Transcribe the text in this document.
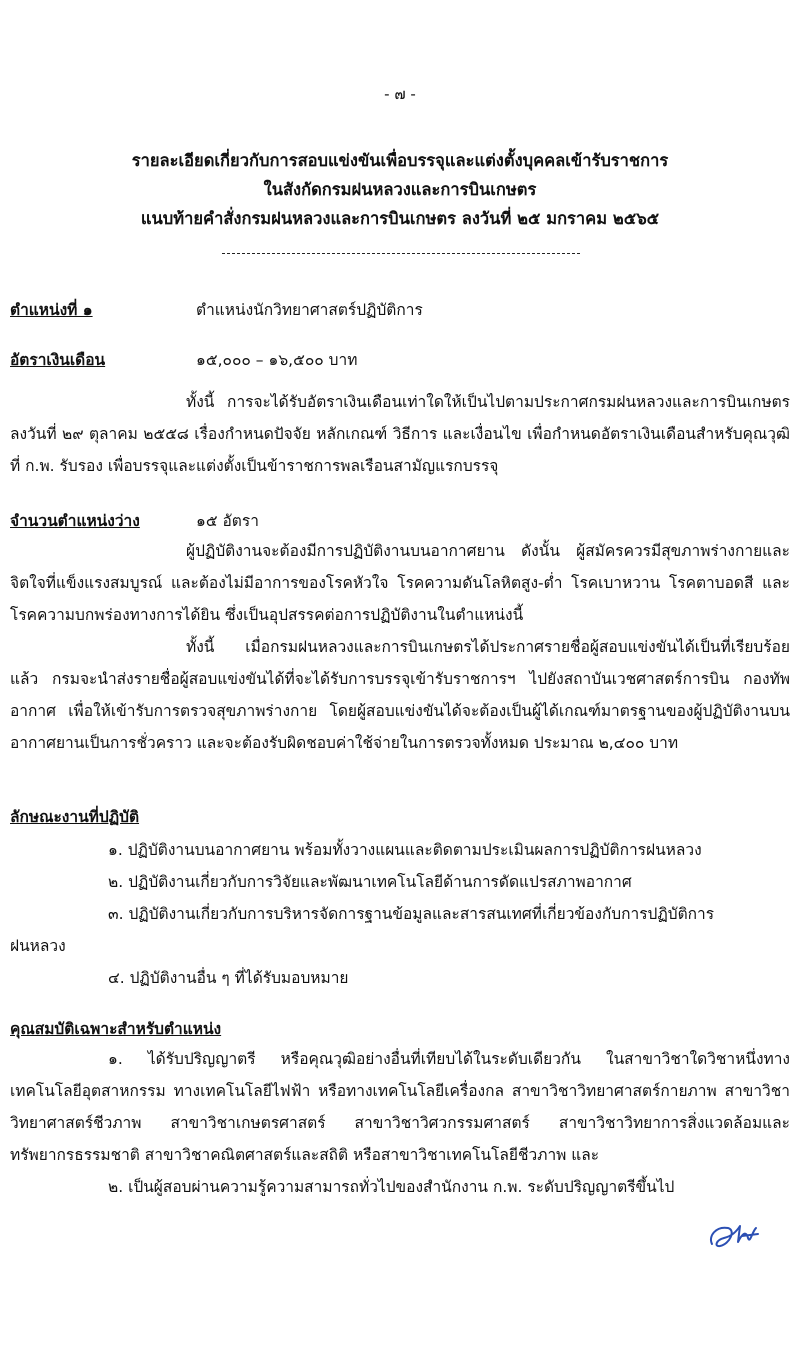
- ๗ -
รายละเอียดเกี่ยวกับการสอบแข่งขันเพื่อบรรจุและแต่งตั้งบุคคลเข้ารับราชการ
ในสังกัดกรมฝนหลวงและการบินเกษตร
แนบท้ายคำสั่งกรมฝนหลวงและการบินเกษตร ลงวันที่ ๒๕ มกราคม ๒๕๖๕
ตำแหน่งที่ ๑	ตำแหน่งนักวิทยาศาสตร์ปฏิบัติการ
อัตราเงินเดือน	๑๕,๐๐๐ – ๑๖,๕๐๐ บาท
ทั้งนี้ การจะได้รับอัตราเงินเดือนเท่าใดให้เป็นไปตามประกาศกรมฝนหลวงและการบินเกษตร ลงวันที่ ๒๙ ตุลาคม ๒๕๕๘ เรื่องกำหนดปัจจัย หลักเกณฑ์ วิธีการ และเงื่อนไข เพื่อกำหนดอัตราเงินเดือนสำหรับคุณวุฒิที่ ก.พ. รับรอง เพื่อบรรจุและแต่งตั้งเป็นข้าราชการพลเรือนสามัญแรกบรรจุ
จำนวนตำแหน่งว่าง	๑๕ อัตรา
ผู้ปฏิบัติงานจะต้องมีการปฏิบัติงานบนอากาศยาน ดังนั้น ผู้สมัครควรมีสุขภาพร่างกายและจิตใจที่แข็งแรงสมบูรณ์ และต้องไม่มีอาการของโรคหัวใจ โรคความดันโลหิตสูง-ต่ำ โรคเบาหวาน โรคตาบอดสี และโรคความบกพร่องทางการได้ยิน ซึ่งเป็นอุปสรรคต่อการปฏิบัติงานในตำแหน่งนี้
ทั้งนี้ เมื่อกรมฝนหลวงและการบินเกษตรได้ประกาศรายชื่อผู้สอบแข่งขันได้เป็นที่เรียบร้อยแล้ว กรมจะนำส่งรายชื่อผู้สอบแข่งขันได้ที่จะได้รับการบรรจุเข้ารับราชการฯ ไปยังสถาบันเวชศาสตร์การบิน กองทัพอากาศ เพื่อให้เข้ารับการตรวจสุขภาพร่างกาย โดยผู้สอบแข่งขันได้จะต้องเป็นผู้ได้เกณฑ์มาตรฐานของผู้ปฏิบัติงานบนอากาศยานเป็นการชั่วคราว และจะต้องรับผิดชอบค่าใช้จ่ายในการตรวจทั้งหมด ประมาณ ๒,๔๐๐ บาท
ลักษณะงานที่ปฏิบัติ
๑. ปฏิบัติงานบนอากาศยาน พร้อมทั้งวางแผนและติดตามประเมินผลการปฏิบัติการฝนหลวง
๒. ปฏิบัติงานเกี่ยวกับการวิจัยและพัฒนาเทคโนโลยีด้านการดัดแปรสภาพอากาศ
๓. ปฏิบัติงานเกี่ยวกับการบริหารจัดการฐานข้อมูลและสารสนเทศที่เกี่ยวข้องกับการปฏิบัติการ
ฝนหลวง
๔. ปฏิบัติงานอื่น ๆ ที่ได้รับมอบหมาย
คุณสมบัติเฉพาะสำหรับตำแหน่ง
๑. ได้รับปริญญาตรี หรือคุณวุฒิอย่างอื่นที่เทียบได้ในระดับเดียวกัน ในสาขาวิชาใดวิชาหนึ่งทางเทคโนโลยีอุตสาหกรรม ทางเทคโนโลยีไฟฟ้า หรือทางเทคโนโลยีเครื่องกล สาขาวิชาวิทยาศาสตร์กายภาพ สาขาวิชาวิทยาศาสตร์ชีวภาพ สาขาวิชาเกษตรศาสตร์ สาขาวิชาวิศวกรรมศาสตร์ สาขาวิชาวิทยาการสิ่งแวดล้อมและทรัพยากรธรรมชาติ สาขาวิชาคณิตศาสตร์และสถิติ หรือสาขาวิชาเทคโนโลยีชีวภาพ และ
๒. เป็นผู้สอบผ่านความรู้ความสามารถทั่วไปของสำนักงาน ก.พ. ระดับปริญญาตรีขึ้นไป
